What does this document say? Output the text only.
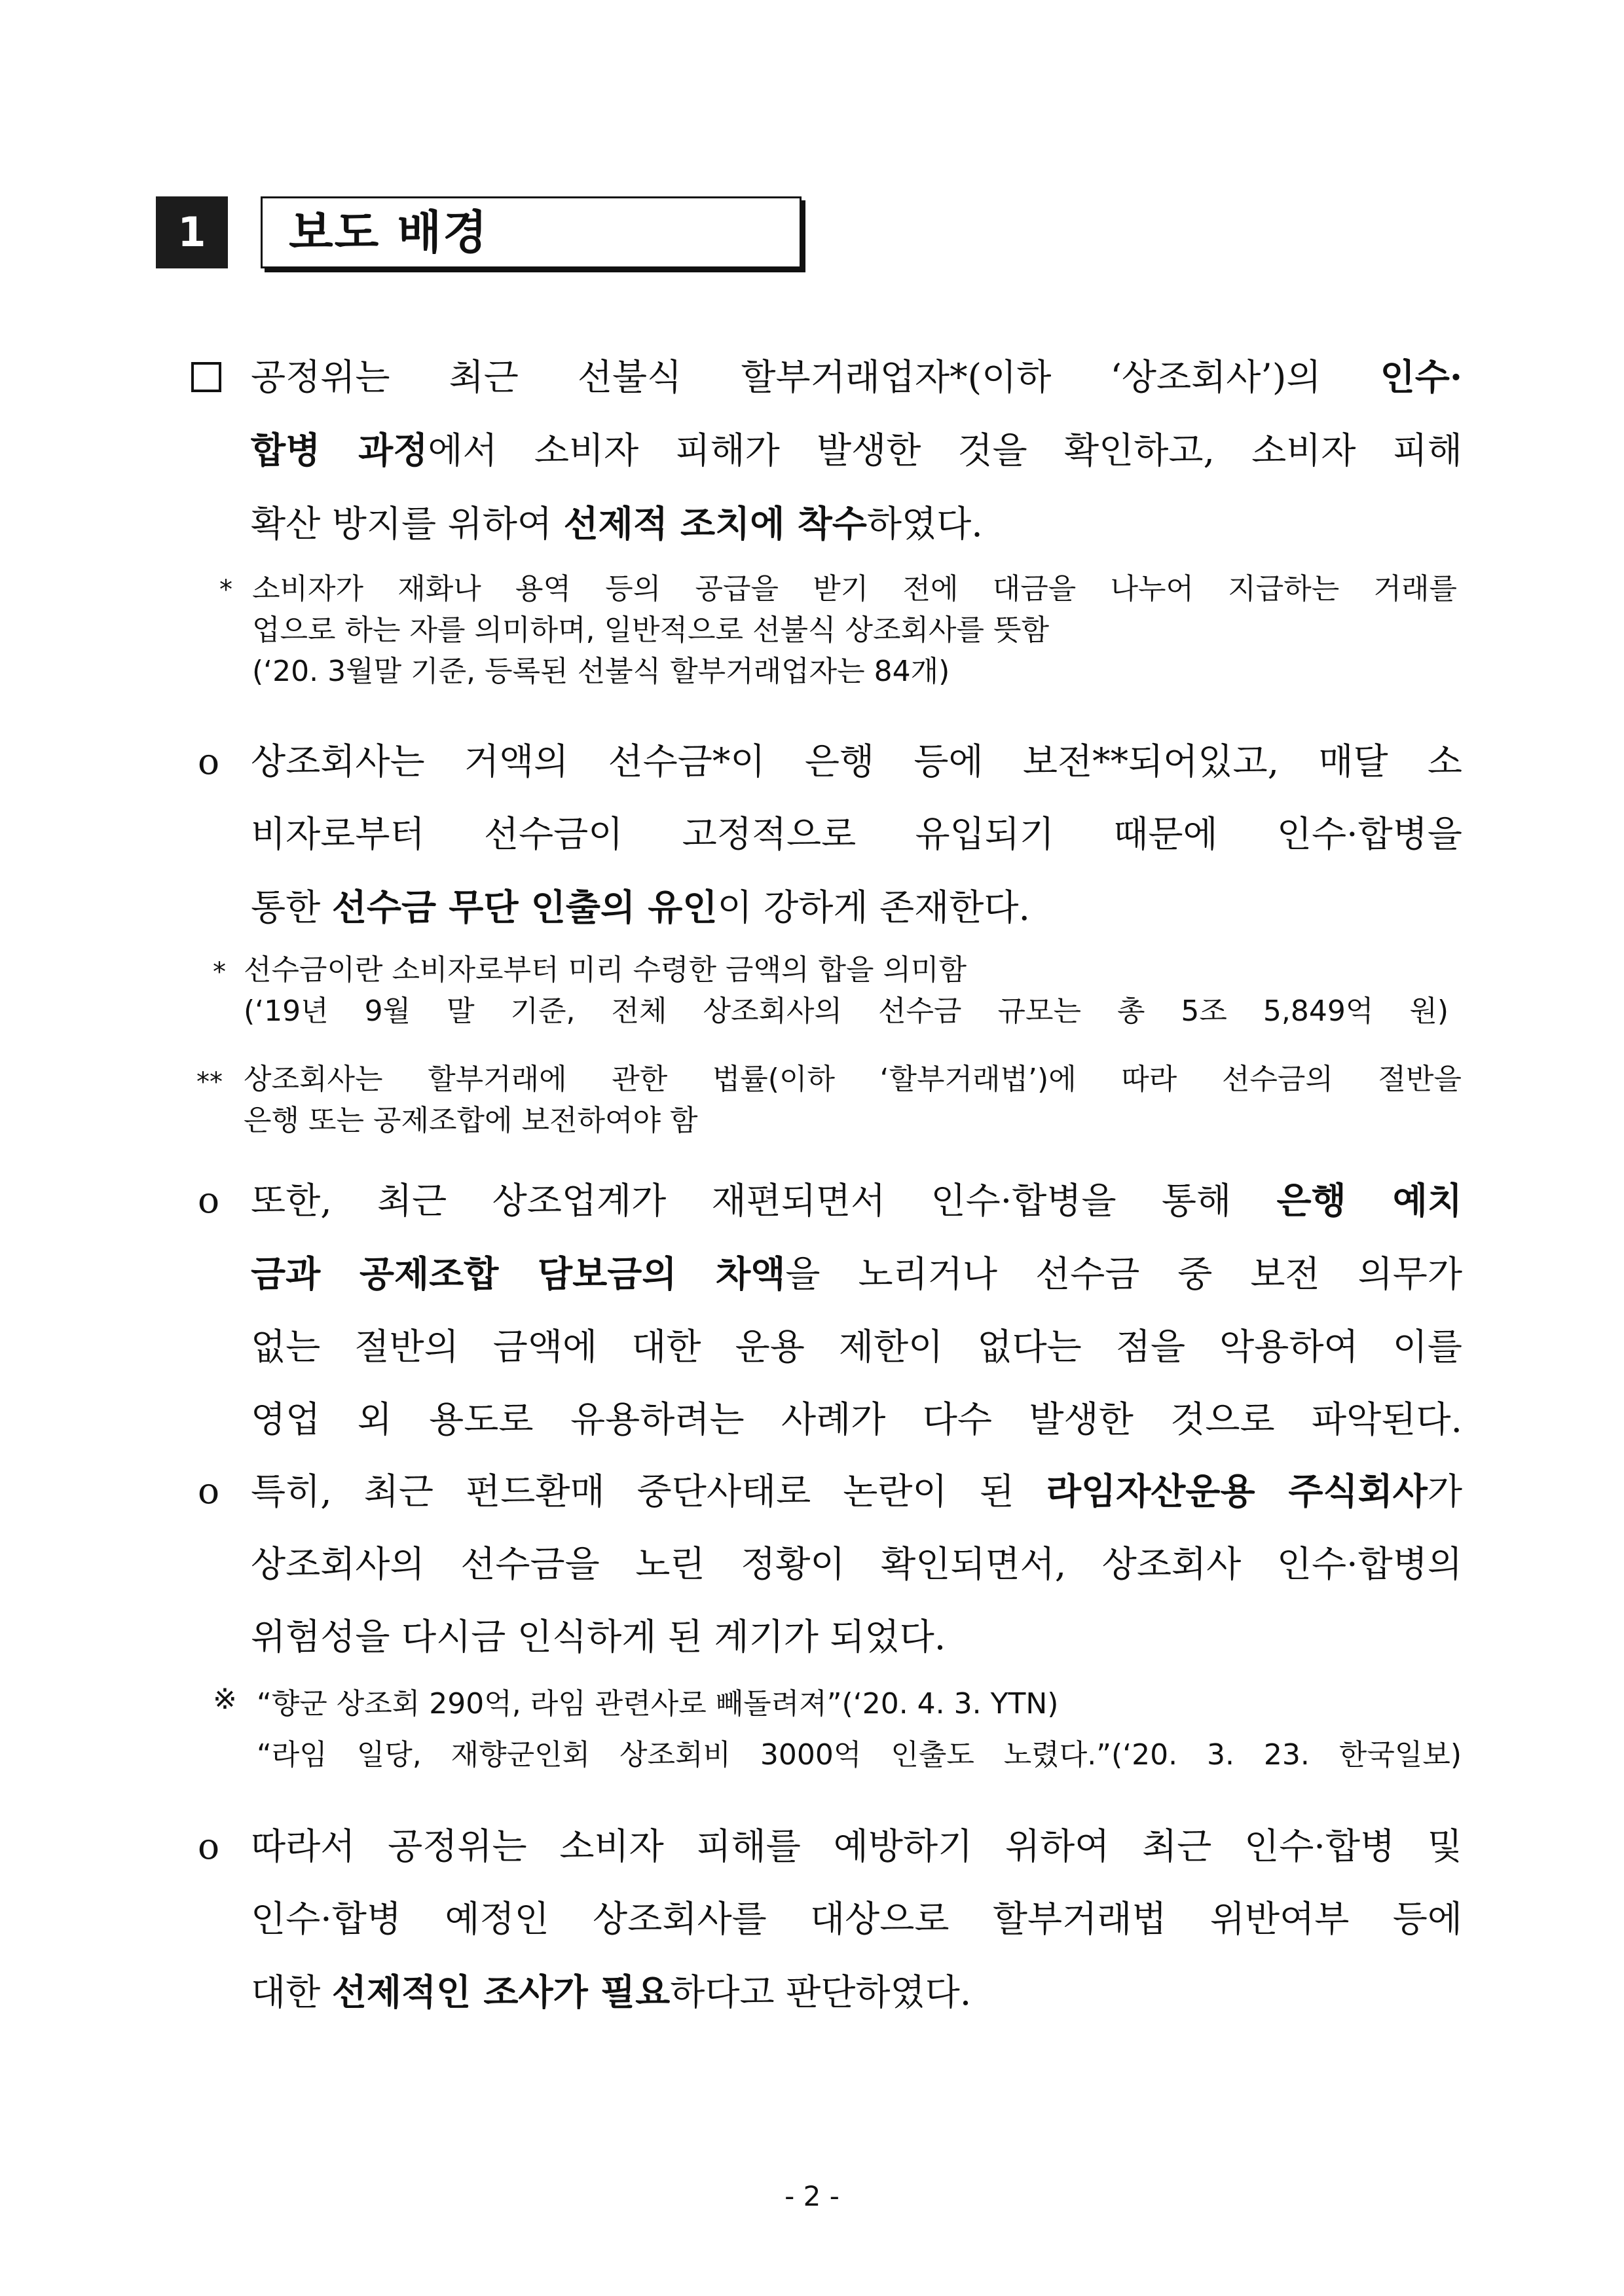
1	보도 배경
공정위는 최근 선불식 할부거래업자*(이하 ‘상조회사’)의 인수·
합병 과정에서 소비자 피해가 발생한 것을 확인하고, 소비자 피해
확산 방지를 위하여 선제적 조치에 착수하였다.
* 소비자가 재화나 용역 등의 공급을 받기 전에 대금을 나누어 지급하는 거래를
업으로 하는 자를 의미하며, 일반적으로 선불식 상조회사를 뜻함
(‘20. 3월말 기준, 등록된 선불식 할부거래업자는 84개)
o 상조회사는 거액의 선수금*이 은행 등에 보전**되어있고, 매달 소
비자로부터 선수금이 고정적으로 유입되기 때문에 인수·합병을
통한 선수금 무단 인출의 유인이 강하게 존재한다.
* 선수금이란 소비자로부터 미리 수령한 금액의 합을 의미함
(‘19년 9월 말 기준, 전체 상조회사의 선수금 규모는 총 5조 5,849억 원)
** 상조회사는 할부거래에 관한 법률(이하 ‘할부거래법’)에 따라 선수금의 절반을
은행 또는 공제조합에 보전하여야 함
o 또한, 최근 상조업계가 재편되면서 인수·합병을 통해 은행 예치
금과 공제조합 담보금의 차액을 노리거나 선수금 중 보전 의무가
없는 절반의 금액에 대한 운용 제한이 없다는 점을 악용하여 이를
영업 외 용도로 유용하려는 사례가 다수 발생한 것으로 파악된다.
o 특히, 최근 펀드환매 중단사태로 논란이 된 라임자산운용 주식회사가
상조회사의 선수금을 노린 정황이 확인되면서, 상조회사 인수·합병의
위험성을 다시금 인식하게 된 계기가 되었다.
※ “향군 상조회 290억, 라임 관련사로 빼돌려져”(‘20. 4. 3. YTN)
“라임 일당, 재향군인회 상조회비 3000억 인출도 노렸다.”(‘20. 3. 23. 한국일보)
o 따라서 공정위는 소비자 피해를 예방하기 위하여 최근 인수·합병 및
인수·합병 예정인 상조회사를 대상으로 할부거래법 위반여부 등에
대한 선제적인 조사가 필요하다고 판단하였다.
- 2 -
